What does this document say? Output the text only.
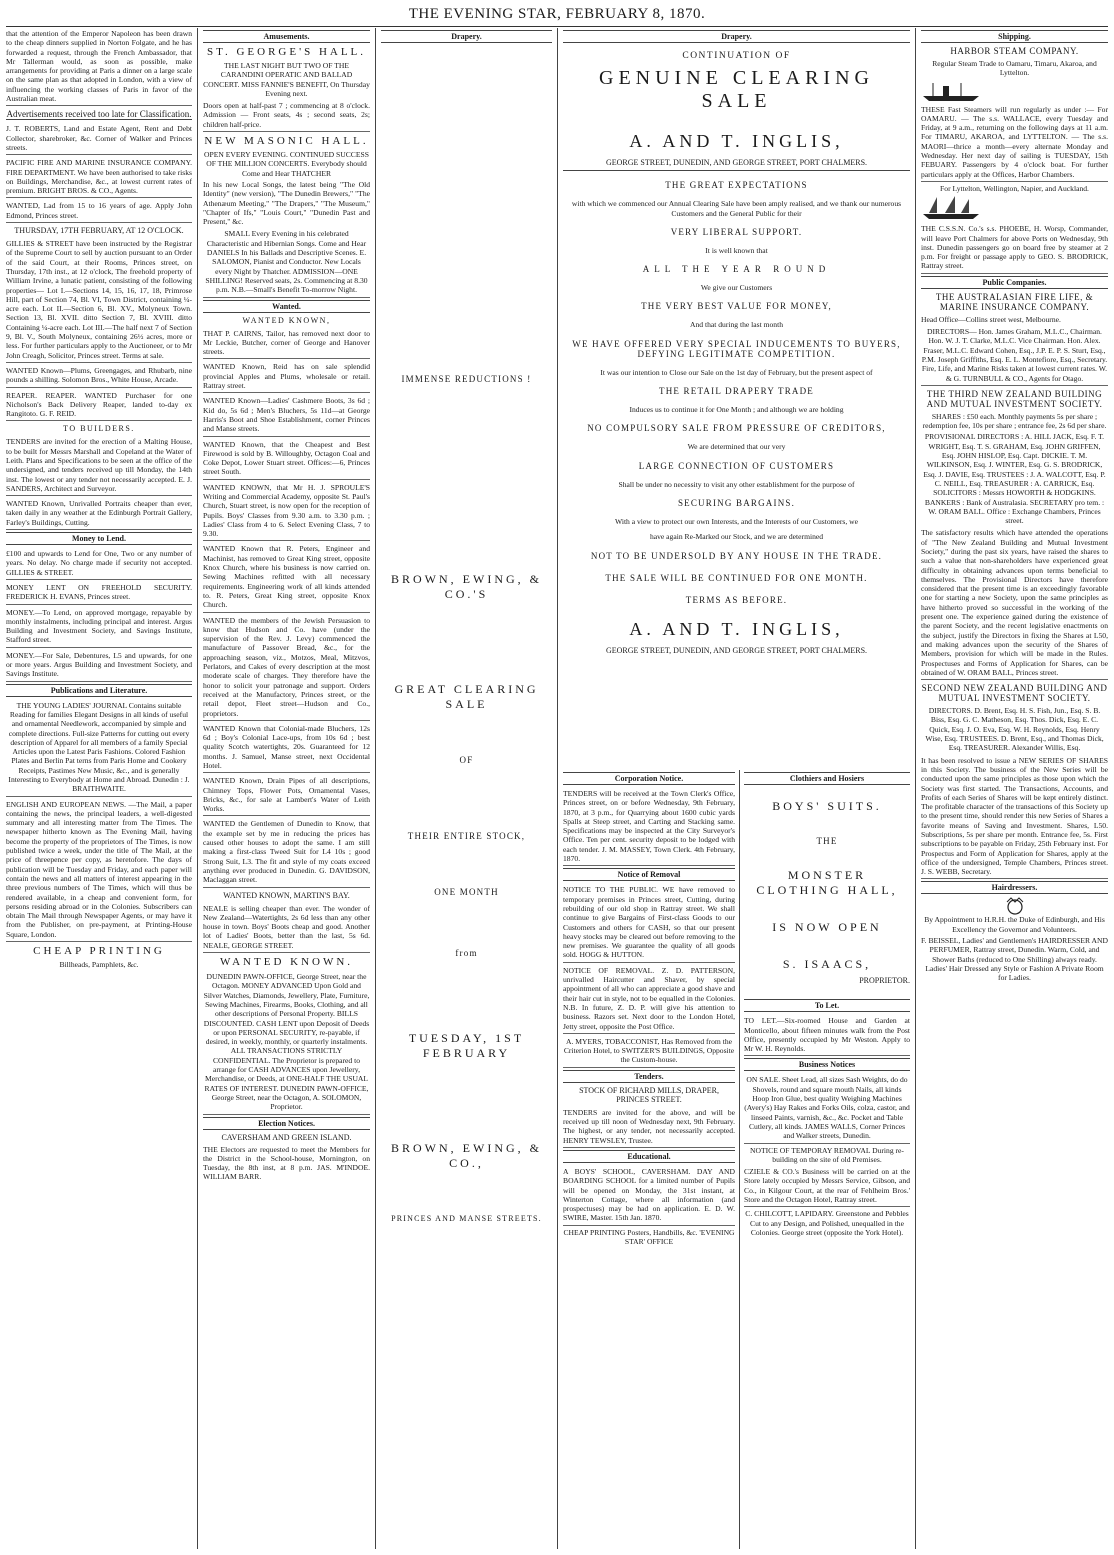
THE EVENING STAR, FEBRUARY 8, 1870.

that the attention of the Emperor Napoleon has been drawn to the cheap dinners supplied in Norton Folgate, and he has forwarded a request, through the French Ambassador, that Mr Tallerman would, as soon as possible, make arrangements for providing at Paris a dinner on a large scale on the same plan as that adopted in London, with a view of influencing the working classes of Paris in favor of the Australian meat.

Advertisements received too late for Classification.

J. T. ROBERTS, Land and Estate Agent, Rent and Debt Collector, sharebroker, &c. Corner of Walker and Princes streets.

PACIFIC FIRE AND MARINE INSURANCE COMPANY. FIRE DEPARTMENT. We have been authorised to take risks on Buildings, Merchandise, &c., at lowest current rates of premium. BRIGHT BROS. & CO., Agents.

WANTED, Lad from 15 to 16 years of age. Apply John Edmond, Princes street.

THURSDAY, 17TH FEBRUARY, AT 12 O'CLOCK.

GILLIES & STREET have been instructed by the Registrar of the Supreme Court to sell by auction pursuant to an Order of the said Court, at their Rooms, Princes street, on Thursday, 17th inst., at 12 o'clock, The freehold property of William Irvine, a lunatic patient, consisting of the following properties— Lot I.—Sections 14, 15, 16, 17, 18, Primrose Hill, part of Section 74, Bl. VI, Town District, containing ¼-acre each. Lot II.—Section 6, Bl. XV., Molyneux Town. Section 13, Bl. XVII. ditto Section 7, Bl. XVIII. ditto Containing ¼-acre each. Lot III.—The half next 7 of Section 9, Bl. V., South Molyneux, containing 26½ acres, more or less. For further particulars apply to the Auctioneer, or to Mr John Creagh, Solicitor, Princes street. Terms at sale.

WANTED Known—Plums, Greengages, and Rhubarb, nine pounds a shilling. Solomon Bros., White House, Arcade.

REAPER. REAPER. WANTED Purchaser for one Nicholson's Back Delivery Reaper, landed to-day ex Rangitoto. G. F. REID.

TO BUILDERS.

TENDERS are invited for the erection of a Malting House, to be built for Messrs Marshall and Copeland at the Water of Leith. Plans and Specifications to be seen at the office of the undersigned, and tenders received up till Monday, the 14th inst. The lowest or any tender not necessarily accepted. E. J. SANDERS, Architect and Surveyor.

WANTED Known, Unrivalled Portraits cheaper than ever, taken daily in any weather at the Edinburgh Portrait Gallery, Farley's Buildings, Cutting.

Money to Lend.

£100 and upwards to Lend for One, Two or any number of years. No delay. No charge made if security not accepted. GILLIES & STREET.

MONEY LENT ON FREEHOLD SECURITY. FREDERICK H. EVANS, Princes street.

MONEY.—To Lend, on approved mortgage, repayable by monthly instalments, including principal and interest. Argus Building and Investment Society, and Savings Institute, Stafford street.

MONEY.—For Sale, Debentures, L5 and upwards, for one or more years. Argus Building and Investment Society, and Savings Institute.

Publications and Literature.

THE YOUNG LADIES' JOURNAL Contains suitable Reading for families Elegant Designs in all kinds of useful and ornamental Needlework, accompanied by simple and complete directions. Full-size Patterns for cutting out every description of Apparel for all members of a family Special Articles upon the Latest Paris Fashions. Colored Fashion Plates and Berlin Pat terns from Paris Home and Cookery Receipts, Pastimes New Music, &c., and is generally Interesting to Everybody at Home and Abroad. Dunedin : J. BRAITHWAITE.

ENGLISH AND EUROPEAN NEWS. —The Mail, a paper containing the news, the principal leaders, a well-digested summary and all interesting matter from The Times. The newspaper hitherto known as The Evening Mail, having become the property of the proprietors of The Times, is now published twice a week, under the title of The Mail, at the price of threepence per copy, as heretofore. The days of publication will be Tuesday and Friday, and each paper will contain the news and all matters of interest appearing in the three previous numbers of The Times, which will thus be rendered available, in a cheap and convenient form, for persons residing abroad or in the Colonies. Subscribers can obtain The Mail through Newspaper Agents, or may have it from the Publisher, on pre-payment, at Printing-House Square, London.

CHEAP PRINTING
Billheads, Pamphlets, &c.
Amusements.
ST. GEORGE'S HALL.

THE LAST NIGHT BUT TWO OF THE CARANDINI OPERATIC AND BALLAD CONCERT. MISS FANNIE'S BENEFIT, On Thursday Evening next.

Doors open at half-past 7 ; commencing at 8 o'clock. Admission — Front seats, 4s ; second seats, 2s; children half-price.

NEW MASONIC HALL.

OPEN EVERY EVENING. CONTINUED SUCCESS OF THE MILLION CONCERTS. Everybody should Come and Hear THATCHER

In his new Local Songs, the latest being "The Old Identity" (new version), "The Dunedin Brewers," "The Athenæum Meeting," "The Drapers," "The Museum," "Chapter of Ifs," "Louis Court," "Dunedin Past and Present," &c.

SMALL Every Evening in his celebrated Characteristic and Hibernian Songs. Come and Hear DANIELS In his Ballads and Descriptive Scenes. E. SALOMON, Pianist and Conductor. New Locals every Night by Thatcher. ADMISSION—ONE SHILLING! Reserved seats, 2s. Commencing at 8.30 p.m. N.B.—Small's Benefit To-morrow Night.

Wanted.
WANTED KNOWN,

THAT P. CAIRNS, Tailor, has removed next door to Mr Leckie, Butcher, corner of George and Hanover streets.

WANTED Known, Reid has on sale splendid provincial Apples and Plums, wholesale or retail. Rattray street.

WANTED Known—Ladies' Cashmere Boots, 3s 6d ; Kid do, 5s 6d ; Men's Bluchers, 5s 11d—at George Harris's Boot and Shoe Establishment, corner Princes and Manse streets.

WANTED Known, that the Cheapest and Best Firewood is sold by B. Willoughby, Octagon Coal and Coke Depot, Lower Stuart street. Offices:—6, Princes street South.

WANTED KNOWN, that Mr H. J. SPROULE'S Writing and Commercial Academy, opposite St. Paul's Church, Stuart street, is now open for the reception of Pupils. Boys' Classes from 9.30 a.m. to 3.30 p.m. ; Ladies' Class from 4 to 6. Select Evening Class, 7 to 9.30.

WANTED Known that R. Peters, Engineer and Machinist, has removed to Great King street, opposite Knox Church, where his business is now carried on. Sewing Machines refitted with all necessary requirements. Engineering work of all kinds attended to. R. Peters, Great King street, opposite Knox Church.

WANTED the members of the Jewish Persuasion to know that Hudson and Co. have (under the supervision of the Rev. J. Levy) commenced the manufacture of Passover Bread, &c., for the approaching season, viz., Motzos, Meal, Mitzvos, Perlators, and Cakes of every description at the most moderate scale of charges. They therefore have the honor to solicit your patronage and support. Orders received at the Manufactory, Princes street, or the retail depot, Fleet street—Hudson and Co., proprietors.

WANTED Known that Colonial-made Bluchers, 12s 6d ; Boy's Colonial Lace-ups, from 10s 6d ; best quality Scotch watertights, 20s. Guaranteed for 12 months. J. Samuel, Manse street, next Occidental Hotel.

WANTED Known, Drain Pipes of all descriptions, Chimney Tops, Flower Pots, Ornamental Vases, Bricks, &c., for sale at Lambert's Water of Leith Works.

WANTED the Gentlemen of Dunedin to Know, that the example set by me in reducing the prices has caused other houses to adopt the same. I am still making a first-class Tweed Suit for L4 10s ; good Strong Suit, L3. The fit and style of my coats exceed anything ever produced in Dunedin. G. DAVIDSON, Maclaggan street.

WANTED KNOWN, MARTIN'S BAY.

NEALE is selling cheaper than ever. The wonder of New Zealand—Watertights, 2s 6d less than any other house in town. Boys' Boots cheap and good. Another lot of Ladies' Boots, better than the last, 5s 6d. NEALE, GEORGE STREET.

WANTED KNOWN.

DUNEDIN PAWN-OFFICE, George Street, near the Octagon. MONEY ADVANCED Upon Gold and Silver Watches, Diamonds, Jewellery, Plate, Furniture, Sewing Machines, Firearms, Books, Clothing, and all other descriptions of Personal Property. BILLS DISCOUNTED. CASH LENT upon Deposit of Deeds or upon PERSONAL SECURITY, re-payable, if desired, in weekly, monthly, or quarterly instalments. ALL TRANSACTIONS STRICTLY CONFIDENTIAL. The Proprietor is prepared to arrange for CASH ADVANCES upon Jewellery, Merchandise, or Deeds, at ONE-HALF THE USUAL RATES OF INTEREST. DUNEDIN PAWN-OFFICE, George Street, near the Octagon, A. SOLOMON, Proprietor.

Election Notices.
CAVERSHAM AND GREEN ISLAND.

THE Electors are requested to meet the Members for the District in the School-house, Mornington, on Tuesday, the 8th inst, at 8 p.m. JAS. M'INDOE. WILLIAM BARR.

Drapery.
IMMENSE REDUCTIONS !
BROWN, EWING, & CO.'S
GREAT CLEARING SALE
OF
THEIR ENTIRE STOCK,
ONE MONTH
from
TUESDAY, 1ST FEBRUARY
BROWN, EWING, & CO.,
PRINCES AND MANSE STREETS.
Drapery.
CONTINUATION OF
GENUINE CLEARING SALE
A. AND T. INGLIS,
GEORGE STREET, DUNEDIN, AND GEORGE STREET, PORT CHALMERS.
THE GREAT EXPECTATIONS
with which we commenced our Annual Clearing Sale have been amply realised, and we thank our numerous Customers and the General Public for their
VERY LIBERAL SUPPORT.
It is well known that
ALL THE YEAR ROUND
We give our Customers
THE VERY BEST VALUE FOR MONEY,
And that during the last month
WE HAVE OFFERED VERY SPECIAL INDUCEMENTS TO BUYERS, DEFYING LEGITIMATE COMPETITION.
It was our intention to Close our Sale on the 1st day of February, but the present aspect of
THE RETAIL DRAPERY TRADE
Induces us to continue it for One Month ; and although we are holding
NO COMPULSORY SALE FROM PRESSURE OF CREDITORS,
We are determined that our very
LARGE CONNECTION OF CUSTOMERS
Shall be under no necessity to visit any other establishment for the purpose of
SECURING BARGAINS.
With a view to protect our own Interests, and the Interests of our Customers, we
have again Re-Marked our Stock, and we are determined
NOT TO BE UNDERSOLD BY ANY HOUSE IN THE TRADE.
THE SALE WILL BE CONTINUED FOR ONE MONTH.
TERMS AS BEFORE.
A. AND T. INGLIS,
GEORGE STREET, DUNEDIN, AND GEORGE STREET, PORT CHALMERS.
Corporation Notice.

TENDERS will be received at the Town Clerk's Office, Princes street, on or before Wednesday, 9th February, 1870, at 3 p.m., for Quarrying about 1600 cubic yards Spalls at Steep street, and Carting and Stacking same. Specifications may be inspected at the City Surveyor's Office. Ten per cent. security deposit to be lodged with each tender. J. M. MASSEY, Town Clerk. 4th February, 1870.

Notice of Removal

NOTICE TO THE PUBLIC. WE have removed to temporary premises in Princes street, Cutting, during rebuilding of our old shop in Rattray street. We shall continue to give Bargains of First-class Goods to our Customers and others for CASH, so that our present heavy stocks may be cleared out before removing to the new premises. We guarantee the quality of all goods sold. HOGG & HUTTON.

NOTICE OF REMOVAL. Z. D. PATTERSON, unrivalled Haircutter and Shaver, by special appointment of all who can appreciate a good shave and their hair cut in style, not to be equalled in the Colonies. N.B. In future, Z. D. P. will give his attention to business. Razors set. Next door to the London Hotel, Jetty street, opposite the Post Office.

A. MYERS, TOBACCONIST, Has Removed from the Criterion Hotel, to SWITZER'S BUILDINGS, Opposite the Custom-house.

Tenders.
STOCK OF RICHARD MILLS, DRAPER, PRINCES STREET.

TENDERS are invited for the above, and will be received up till noon of Wednesday next, 9th February. The highest, or any tender, not necessarily accepted. HENRY TEWSLEY, Trustee.

Educational.

A BOYS' SCHOOL, CAVERSHAM. DAY AND BOARDING SCHOOL for a limited number of Pupils will be opened on Monday, the 31st instant, at Winterton Cottage, where all information (and prospectuses) may be had on application. E. D. W. SWIRE, Master. 15th Jan. 1870.

CHEAP PRINTING Posters, Handbills, &c. 'EVENING STAR' OFFICE

Clothiers and Hosiers
BOYS' SUITS.
THE
MONSTER CLOTHING HALL,
IS NOW OPEN
S. ISAACS,
PROPRIETOR.
To Let.

TO LET.—Six-roomed House and Garden at Monticello, about fifteen minutes walk from the Post Office, presently occupied by Mr Weston. Apply to Mr W. H. Reynolds.

Business Notices

ON SALE. Sheet Lead, all sizes Sash Weights, do do Shovels, round and square mouth Nails, all kinds Hoop Iron Glue, best quality Weighing Machines (Avery's) Hay Rakes and Forks Oils, colza, castor, and linseed Paints, varnish, &c., &c. Pocket and Table Cutlery, all kinds. JAMES WALLS, Corner Princes and Walker streets, Dunedin.

NOTICE OF TEMPORAY REMOVAL During re-building on the site of old Premises.

CZIELE & CO.'s Business will be carried on at the Store lately occupied by Messrs Service, Gibson, and Co., in Kilgour Court, at the rear of Fehlheim Bros.' Store and the Octagon Hotel, Rattray street.

C. CHILCOTT, LAPIDARY. Greenstone and Pebbles Cut to any Design, and Polished, unequalled in the Colonies. George street (opposite the York Hotel).

Shipping.
HARBOR STEAM COMPANY.
Regular Steam Trade to Oamaru, Timaru, Akaroa, and Lyttelton.

THESE Fast Steamers will run regularly as under :— For OAMARU. — The s.s. WALLACE, every Tuesday and Friday, at 9 a.m., returning on the following days at 11 a.m. For TIMARU, AKAROA, and LYTTELTON. — The s.s. MAORI—thrice a month—every alternate Monday and Wednesday. Her next day of sailing is TUESDAY, 15th FEBUARY. Passengers by 4 o'clock boat. For further particulars apply at the Offices, Harbor Chambers.

For Lyttelton, Wellington, Napier, and Auckland.

THE C.S.S.N. Co.'s s.s. PHOEBE, H. Worsp, Commander, will leave Port Chalmers for above Ports on Wednesday, 9th inst. Dunedin passengers go on board free by steamer at 2 p.m. For freight or passage apply to GEO. S. BRODRICK, Rattray street.

Public Companies.
THE AUSTRALASIAN FIRE LIFE, & MARINE INSURANCE COMPANY.

Head Office—Collins street west, Melbourne.

DIRECTORS— Hon. James Graham, M.L.C., Chairman. Hon. W. J. T. Clarke, M.L.C. Vice Chairman. Hon. Alex. Fraser, M.L.C. Edward Cohen, Esq., J.P. E. P. S. Sturt, Esq., P.M. Joseph Griffiths, Esq. E. L. Montefiore, Esq., Secretary. Fire, Life, and Marine Risks taken at lowest current rates. W. & G. TURNBULL & CO., Agents for Otago.

THE THIRD NEW ZEALAND BUILDING AND MUTUAL INVESTMENT SOCIETY.

SHARES : £50 each. Monthly payments 5s per share ; redemption fee, 10s per share ; entrance fee, 2s 6d per share.

PROVISIONAL DIRECTORS : A. HILL JACK, Esq. F. T. WRIGHT, Esq. T. S. GRAHAM, Esq. JOHN GRIFFEN, Esq. JOHN HISLOP, Esq. Capt. DICKIE. T. M. WILKINSON, Esq. J. WINTER, Esq. G. S. BRODRICK, Esq. J. DAVIE, Esq. TRUSTEES : J. A. WALCOTT, Esq. P. C. NEILL, Esq. TREASURER : A. CARRICK, Esq. SOLICITORS : Messrs HOWORTH & HODGKINS. BANKERS : Bank of Australasia. SECRETARY pro tem. : W. ORAM BALL. Office : Exchange Chambers, Princes street.

The satisfactory results which have attended the operations of "The New Zealand Building and Mutual Investment Society," during the past six years, have raised the shares to such a value that non-shareholders have experienced great difficulty in obtaining advances upon terms beneficial to themselves. The Provisional Directors have therefore considered that the present time is an exceedingly favorable one for starting a new Society, upon the same principles as have hitherto proved so successful in the working of the present one. The experience gained during the existence of the parent Society, and the recent legislative enactments on the subject, justify the Directors in fixing the Shares at L50, and making advances upon the security of the Shares of Members, provision for which will be made in the Rules. Prospectuses and Forms of Application for Shares, can be obtained of W. ORAM BALL, Princes street.

SECOND NEW ZEALAND BUILDING AND MUTUAL INVESTMENT SOCIETY.

DIRECTORS. D. Brent, Esq. H. S. Fish, Jun., Esq. S. B. Biss, Esq. G. C. Matheson, Esq. Thos. Dick, Esq. E. C. Quick, Esq. J. O. Eva, Esq. W. H. Reynolds, Esq. Henry Wise, Esq. TRUSTEES. D. Brent, Esq., and Thomas Dick, Esq. TREASURER. Alexander Willis, Esq.

It has been resolved to issue a NEW SERIES OF SHARES in this Society. The business of the New Series will be conducted upon the same principles as those upon which the Society was first started. The Transactions, Accounts, and Profits of each Series of Shares will be kept entirely distinct. The profitable character of the transactions of this Society up to the present time, should render this new Series of Shares a favorite means of Saving and Investment. Shares, L50. Subscriptions, 5s per share per month. Entrance fee, 5s. First subscriptions to be payable on Friday, 25th February inst. For Prospectus and Form of Application for Shares, apply at the office of the undersigned, Temple Chambers, Princes street. J. S. WEBB, Secretary.

Hairdressers.

By Appointment to H.R.H. the Duke of Edinburgh, and His Excellency the Governor and Volunteers.

F. BEISSEL, Ladies' and Gentlemen's HAIRDRESSER AND PERFUMER, Rattray street, Dunedin. Warm, Cold, and Shower Baths (reduced to One Shilling) always ready. Ladies' Hair Dressed any Style or Fashion A Private Room for Ladies.
